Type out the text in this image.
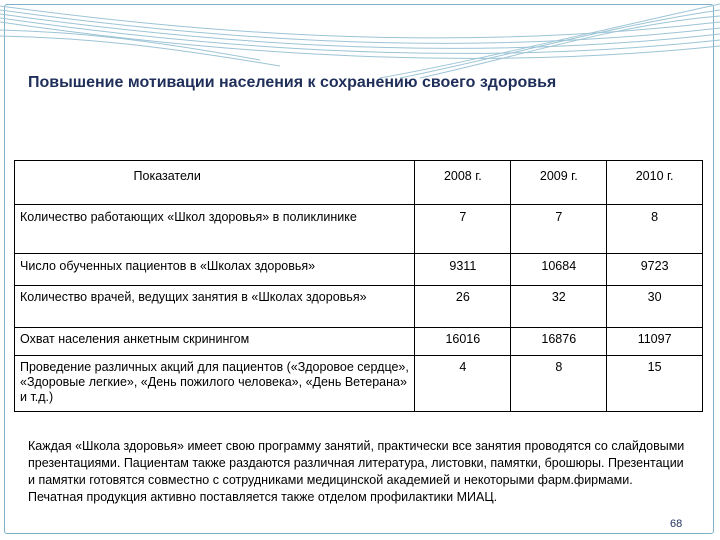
Повышение мотивации населения к сохранению своего здоровья
Показатели	2008 г.	2009 г.	2010 г.
Количество работающих «Школ здоровья» в поликлинике	7	7	8
Число обученных пациентов в «Школах здоровья»	9311	10684	9723
Количество врачей, ведущих занятия в «Школах здоровья»	26	32	30
Охват населения анкетным скринингом	16016	16876	11097
Проведение различных акций для пациентов («Здоровое сердце», «Здоровые легкие», «День пожилого человека», «День Ветерана» и т.д.)	4	8	15

Каждая «Школа здоровья» имеет свою программу занятий, практически все занятия проводятся со слайдовыми презентациями. Пациентам также раздаются различная литература, листовки, памятки, брошюры. Презентации и памятки готовятся совместно с сотрудниками медицинской академией и некоторыми фарм.фирмами. Печатная продукция активно поставляется также отделом профилактики МИАЦ.

68
